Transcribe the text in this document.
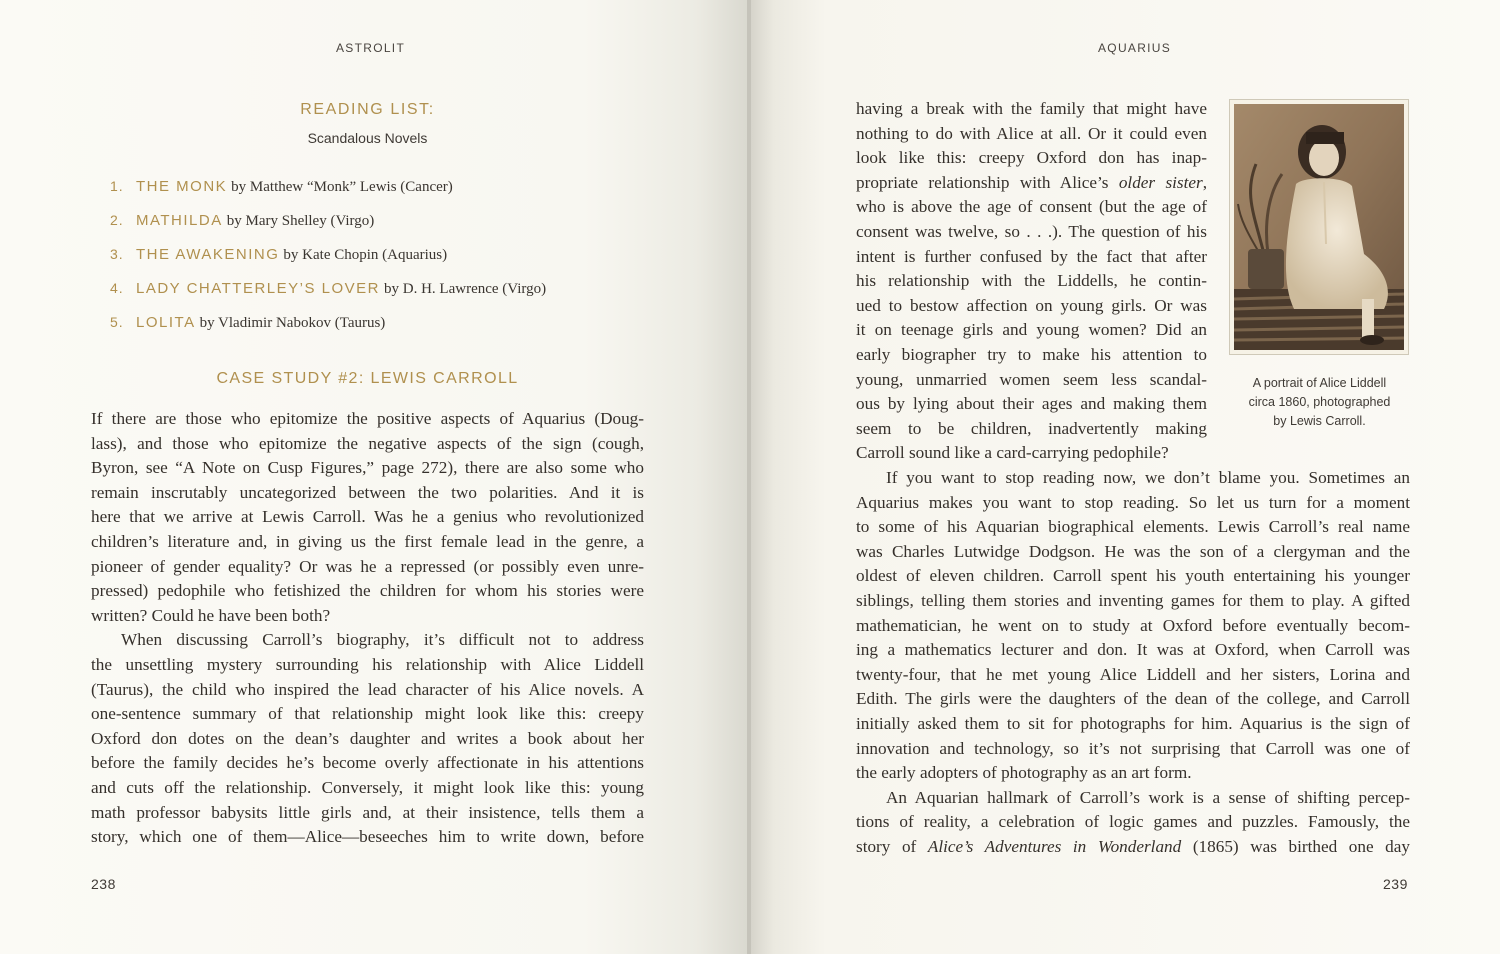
ASTROLIT
READING LIST:
Scandalous Novels
1. THE MONK by Matthew “Monk” Lewis (Cancer)
2. MATHILDA by Mary Shelley (Virgo)
3. THE AWAKENING by Kate Chopin (Aquarius)
4. LADY CHATTERLEY’S LOVER by D. H. Lawrence (Virgo)
5. LOLITA by Vladimir Nabokov (Taurus)
CASE STUDY #2: LEWIS CARROLL
If there are those who epitomize the positive aspects of Aquarius (Doug-
lass), and those who epitomize the negative aspects of the sign (cough,
Byron, see “A Note on Cusp Figures,” page 272), there are also some who
remain inscrutably uncategorized between the two polarities. And it is
here that we arrive at Lewis Carroll. Was he a genius who revolutionized
children’s literature and, in giving us the first female lead in the genre, a
pioneer of gender equality? Or was he a repressed (or possibly even unre-
pressed) pedophile who fetishized the children for whom his stories were
written? Could he have been both?
When discussing Carroll’s biography, it’s difficult not to address
the unsettling mystery surrounding his relationship with Alice Liddell
(Taurus), the child who inspired the lead character of his Alice novels. A
one-sentence summary of that relationship might look like this: creepy
Oxford don dotes on the dean’s daughter and writes a book about her
before the family decides he’s become overly affectionate in his attentions
and cuts off the relationship. Conversely, it might look like this: young
math professor babysits little girls and, at their insistence, tells them a
story, which one of them—Alice—beseeches him to write down, before
238
AQUARIUS
having a break with the family that might have
nothing to do with Alice at all. Or it could even
look like this: creepy Oxford don has inap-
propriate relationship with Alice’s older sister,
who is above the age of consent (but the age of
consent was twelve, so . . .). The question of his
intent is further confused by the fact that after
his relationship with the Liddells, he contin-
ued to bestow affection on young girls. Or was
it on teenage girls and young women? Did an
early biographer try to make his attention to
young, unmarried women seem less scandal-
ous by lying about their ages and making them
seem to be children, inadvertently making
Carroll sound like a card-carrying pedophile?
A portrait of Alice Liddell
circa 1860, photographed
by Lewis Carroll.
If you want to stop reading now, we don’t blame you. Sometimes an
Aquarius makes you want to stop reading. So let us turn for a moment
to some of his Aquarian biographical elements. Lewis Carroll’s real name
was Charles Lutwidge Dodgson. He was the son of a clergyman and the
oldest of eleven children. Carroll spent his youth entertaining his younger
siblings, telling them stories and inventing games for them to play. A gifted
mathematician, he went on to study at Oxford before eventually becom-
ing a mathematics lecturer and don. It was at Oxford, when Carroll was
twenty-four, that he met young Alice Liddell and her sisters, Lorina and
Edith. The girls were the daughters of the dean of the college, and Carroll
initially asked them to sit for photographs for him. Aquarius is the sign of
innovation and technology, so it’s not surprising that Carroll was one of
the early adopters of photography as an art form.
An Aquarian hallmark of Carroll’s work is a sense of shifting percep-
tions of reality, a celebration of logic games and puzzles. Famously, the
story of Alice’s Adventures in Wonderland (1865) was birthed one day
239
